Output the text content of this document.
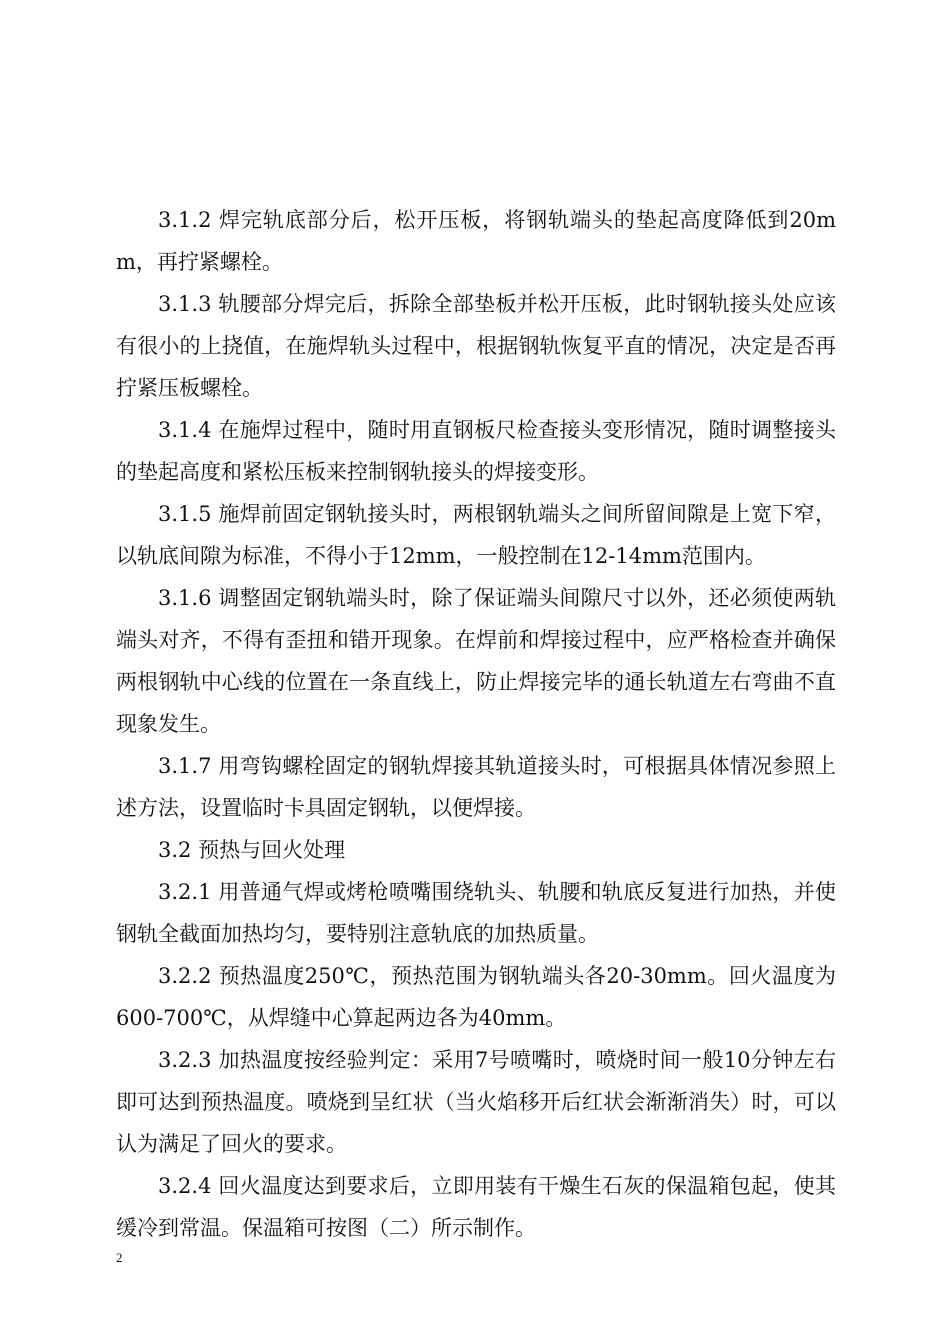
3.1.2 焊完轨底部分后，松开压板，将钢轨端头的垫起高度降低到20mm，再拧紧螺栓。

3.1.3 轨腰部分焊完后，拆除全部垫板并松开压板，此时钢轨接头处应该有很小的上挠值，在施焊轨头过程中，根据钢轨恢复平直的情况，决定是否再拧紧压板螺栓。

3.1.4 在施焊过程中，随时用直钢板尺检查接头变形情况，随时调整接头的垫起高度和紧松压板来控制钢轨接头的焊接变形。

3.1.5 施焊前固定钢轨接头时，两根钢轨端头之间所留间隙是上宽下窄，以轨底间隙为标准，不得小于12mm，一般控制在12-14mm范围内。

3.1.6 调整固定钢轨端头时，除了保证端头间隙尺寸以外，还必须使两轨端头对齐，不得有歪扭和错开现象。在焊前和焊接过程中，应严格检查并确保两根钢轨中心线的位置在一条直线上，防止焊接完毕的通长轨道左右弯曲不直现象发生。

3.1.7 用弯钩螺栓固定的钢轨焊接其轨道接头时，可根据具体情况参照上述方法，设置临时卡具固定钢轨，以便焊接。

3.2 预热与回火处理

3.2.1 用普通气焊或烤枪喷嘴围绕轨头、轨腰和轨底反复进行加热，并使钢轨全截面加热均匀，要特别注意轨底的加热质量。

3.2.2 预热温度250℃，预热范围为钢轨端头各20-30mm。回火温度为600-700℃，从焊缝中心算起两边各为40mm。

3.2.3 加热温度按经验判定：采用7号喷嘴时，喷烧时间一般10分钟左右即可达到预热温度。喷烧到呈红状（当火焰移开后红状会渐渐消失）时，可以认为满足了回火的要求。

3.2.4 回火温度达到要求后，立即用装有干燥生石灰的保温箱包起，使其缓冷到常温。保温箱可按图（二）所示制作。

2
